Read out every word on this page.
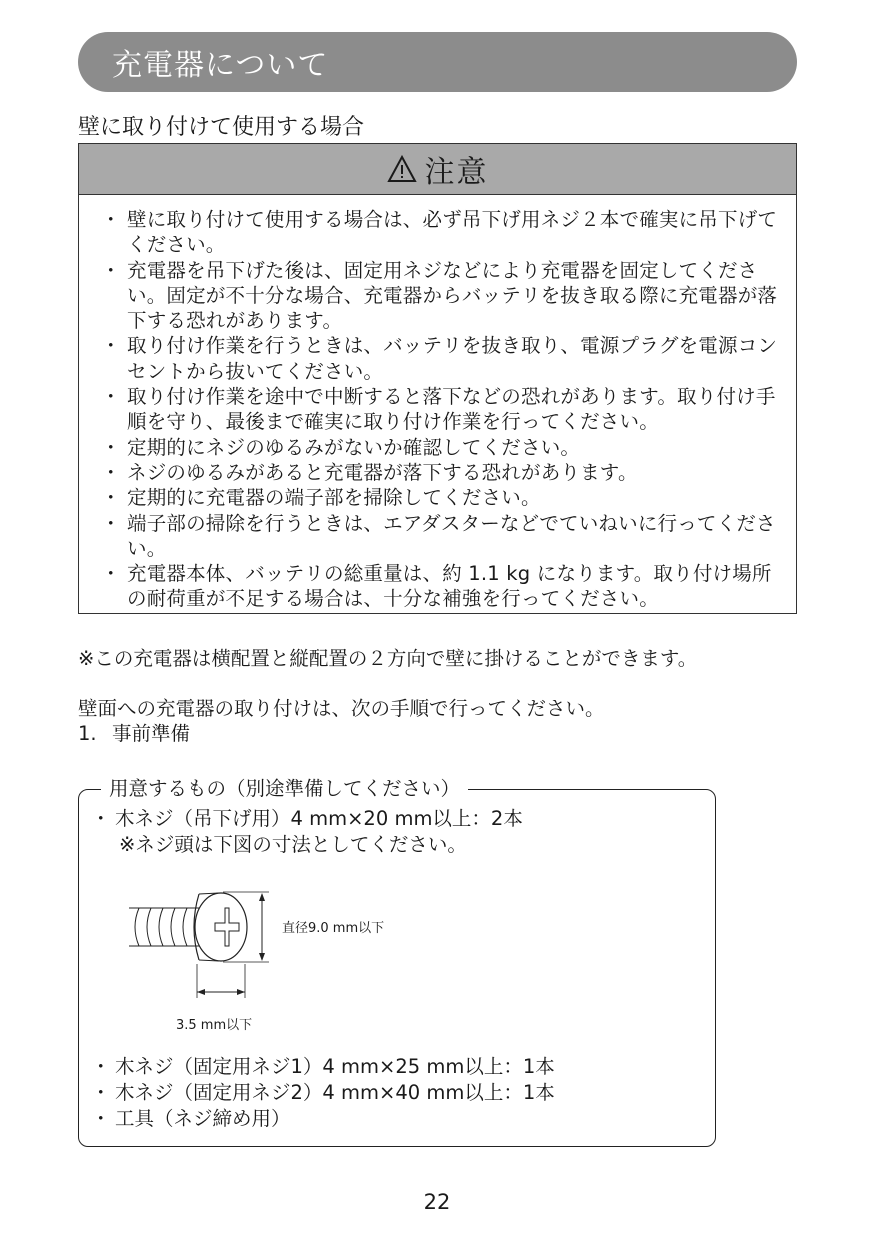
充電器について
壁に取り付けて使用する場合
注意
・ 壁に取り付けて使用する場合は、必ず吊下げ用ネジ２本で確実に吊下げてください。
・ 充電器を吊下げた後は、固定用ネジなどにより充電器を固定してください。固定が不十分な場合、充電器からバッテリを抜き取る際に充電器が落下する恐れがあります。
・ 取り付け作業を行うときは、バッテリを抜き取り、電源プラグを電源コンセントから抜いてください。
・ 取り付け作業を途中で中断すると落下などの恐れがあります。取り付け手順を守り、最後まで確実に取り付け作業を行ってください。
・ 定期的にネジのゆるみがないか確認してください。
・ ネジのゆるみがあると充電器が落下する恐れがあります。
・ 定期的に充電器の端子部を掃除してください。
・ 端子部の掃除を行うときは、エアダスターなどでていねいに行ってください。
・ 充電器本体、バッテリの総重量は、約 1.1 kg になります。取り付け場所の耐荷重が不足する場合は、十分な補強を行ってください。
※この充電器は横配置と縦配置の２方向で壁に掛けることができます。
壁面への充電器の取り付けは、次の手順で行ってください。
1. 事前準備
用意するもの（別途準備してください）
・ 木ネジ（吊下げ用）4 mm×20 mm以上：2本
※ネジ頭は下図の寸法としてください。
直径9.0 mm以下
3.5 mm以下
・ 木ネジ（固定用ネジ1）4 mm×25 mm以上：1本
・ 木ネジ（固定用ネジ2）4 mm×40 mm以上：1本
・ 工具（ネジ締め用）
22
